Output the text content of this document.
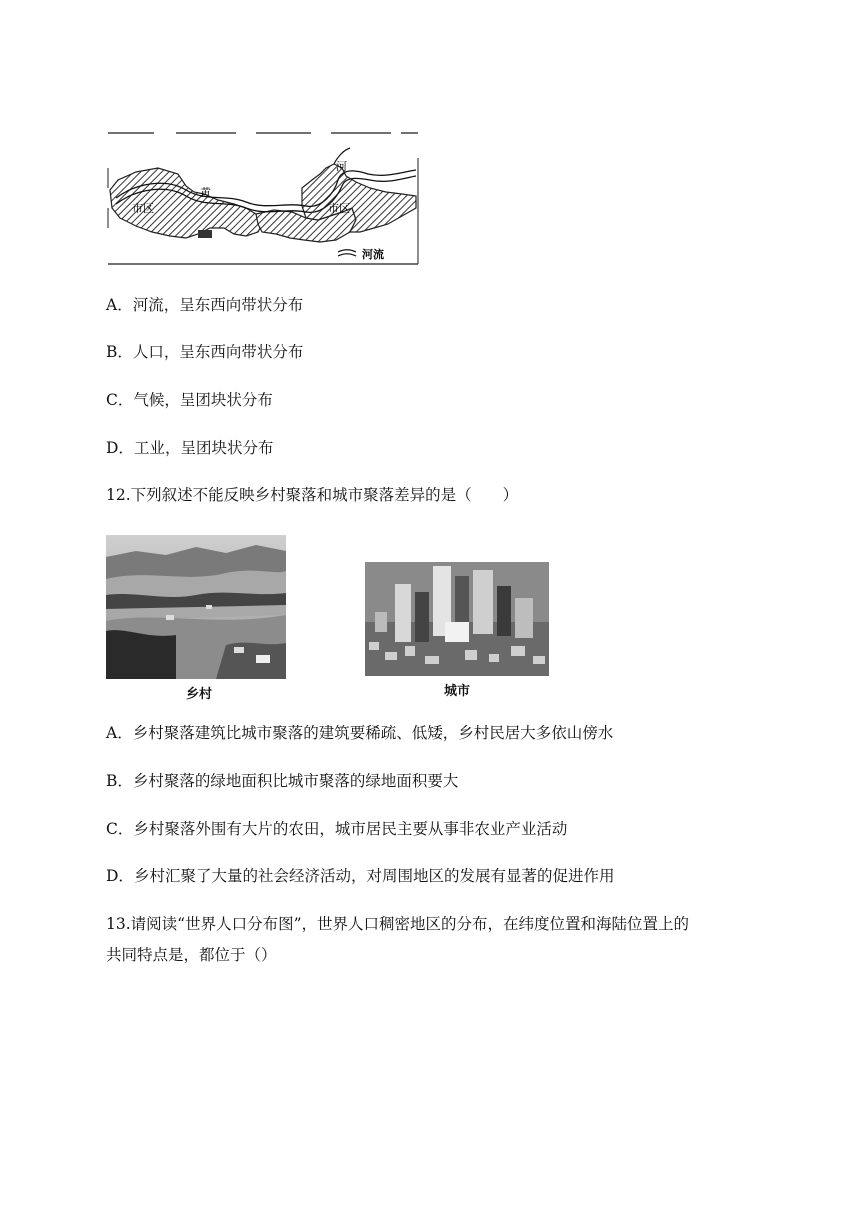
市区	市区
黄
河
河流
A．河流，呈东西向带状分布
B．人口，呈东西向带状分布
C．气候，呈团块状分布
D．工业，呈团块状分布
12.下列叙述不能反映乡村聚落和城市聚落差异的是（　　）
乡村	城市
A．乡村聚落建筑比城市聚落的建筑要稀疏、低矮，乡村民居大多依山傍水
B．乡村聚落的绿地面积比城市聚落的绿地面积要大
C．乡村聚落外围有大片的农田，城市居民主要从事非农业产业活动
D．乡村汇聚了大量的社会经济活动，对周围地区的发展有显著的促进作用
13.请阅读“世界人口分布图”，世界人口稠密地区的分布，在纬度位置和海陆位置上的
共同特点是，都位于（）
